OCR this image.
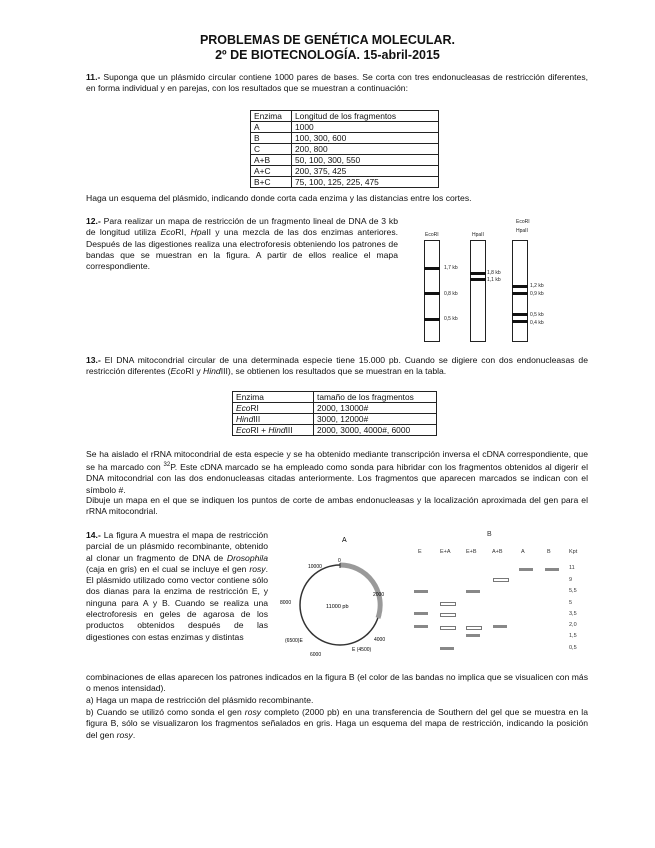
PROBLEMAS DE GENÉTICA MOLECULAR.
2º DE BIOTECNOLOGÍA. 15-abril-2015
11.- Suponga que un plásmido circular contiene 1000 pares de bases. Se corta con tres endonucleasas de restricción diferentes, en forma individual y en parejas, con los resultados que se muestran a continuación:
Enzima	Longitud de los fragmentos
A	1000
B	100, 300, 600
C	200, 800
A+B	50, 100, 300, 550
A+C	200, 375, 425
B+C	75, 100, 125, 225, 475
Haga un esquema del plásmido, indicando donde corta cada enzima y las distancias entre los cortes.
12.- Para realizar un mapa de restricción de un fragmento lineal de DNA de 3 kb de longitud utiliza EcoRI, HpaII y una mezcla de las dos enzimas anteriores. Después de las digestiones realiza una electroforesis obteniendo los patrones de bandas que se muestran en la figura. A partir de ellos realice el mapa correspondiente.
EcoRI	HpaII
EcoRI
HpaII
1,7 kb
0,8 kb
0,5 kb
1,8 kb
1,1 kb
1,2 kb
0,9 kb
0,5 kb
0,4 kb
13.- El DNA mitocondrial circular de una determinada especie tiene 15.000 pb. Cuando se digiere con dos endonucleasas de restricción diferentes (EcoRI y HindIII), se obtienen los resultados que se muestran en la tabla.
Enzima	tamaño de los fragmentos
EcoRI	2000, 13000#
HindIII	3000, 12000#
EcoRI + HindIII	2000, 3000, 4000#, 6000
Se ha aislado el rRNA mitocondrial de esta especie y se ha obtenido mediante transcripción inversa el cDNA correspondiente, que se ha marcado con $^{32}$P. Este cDNA marcado se ha empleado como sonda para hibridar con los fragmentos obtenidos al digerir el DNA mitocondrial con las dos endonucleasas citadas anteriormente. Los fragmentos que aparecen marcados se indican con el símbolo #.
Dibuje un mapa en el que se indiquen los puntos de corte de ambas endonucleasas y la localización aproximada del gen para el rRNA mitocondrial.
14.- La figura A muestra el mapa de restricción parcial de un plásmido recombinante, obtenido al clonar un fragmento de DNA de Drosophila (caja en gris) en el cual se incluye el gen rosy. El plásmido utilizado como vector contiene sólo dos dianas para la enzima de restricción E, y ninguna para A y B. Cuando se realiza una electroforesis en geles de agarosa de los productos obtenidos después de las digestiones con estas enzimas y distintas
A
0
10000
2000
8000
4000
6000
(6500)E
E (4500)
11000 pb
B
E	E+A	E+B	A+B	A	B	Kpt
11
9
5,5
5
3,5
2,0
1,5
0,5
combinaciones de ellas aparecen los patrones indicados en la figura B (el color de las bandas no implica que se visualicen con más o menos intensidad).
a) Haga un mapa de restricción del plásmido recombinante.
b) Cuando se utilizó como sonda el gen rosy completo (2000 pb) en una transferencia de Southern del gel que se muestra en la figura B, sólo se visualizaron los fragmentos señalados en gris. Haga un esquema del mapa de restricción, indicando la posición del gen rosy.
